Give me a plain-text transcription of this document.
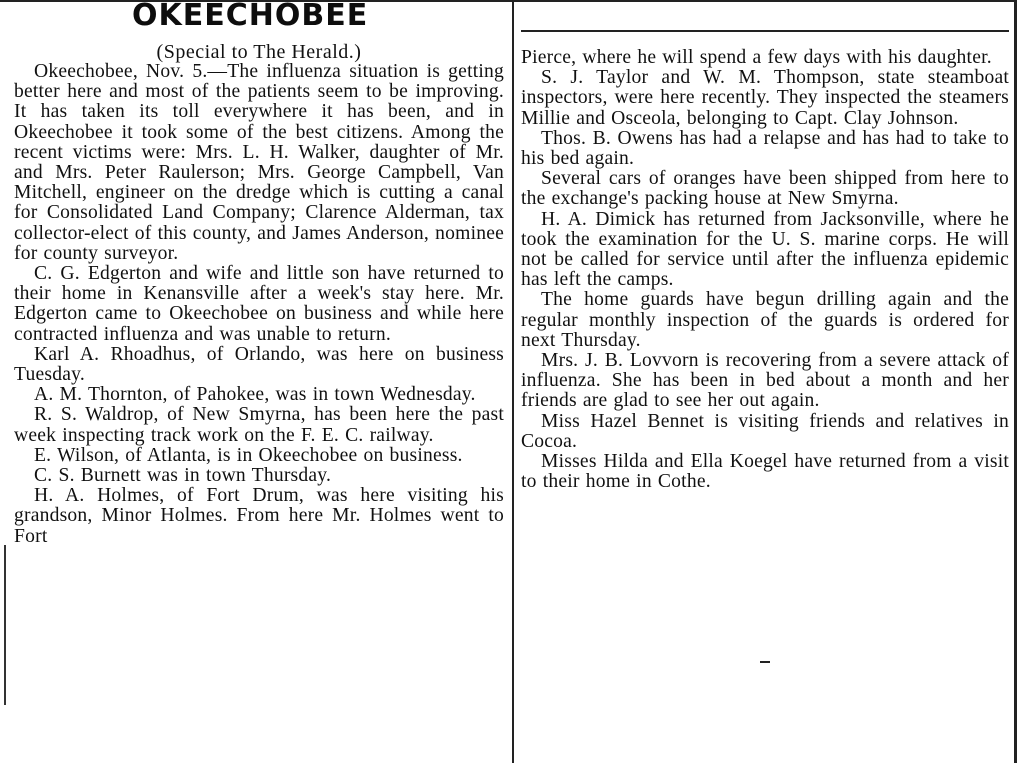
OKEECHOBEE
(Special to The Herald.)

Okeechobee, Nov. 5.—The influenza situation is getting better here and most of the patients seem to be improving. It has taken its toll everywhere it has been, and in Okeechobee it took some of the best citizens. Among the recent victims were: Mrs. L. H. Walker, daughter of Mr. and Mrs. Peter Raulerson; Mrs. George Campbell, Van Mitchell, engineer on the dredge which is cutting a canal for Consolidated Land Company; Clarence Alderman, tax collector-elect of this county, and James Anderson, nominee for county surveyor.

C. G. Edgerton and wife and little son have returned to their home in Kenansville after a week's stay here. Mr. Edgerton came to Okeechobee on business and while here contracted influenza and was unable to return.

Karl A. Rhoadhus, of Orlando, was here on business Tuesday.

A. M. Thornton, of Pahokee, was in town Wednesday.

R. S. Waldrop, of New Smyrna, has been here the past week inspecting track work on the F. E. C. railway.

E. Wilson, of Atlanta, is in Okeechobee on business.

C. S. Burnett was in town Thursday.

H. A. Holmes, of Fort Drum, was here visiting his grandson, Minor Holmes. From here Mr. Holmes went to Fort

Pierce, where he will spend a few days with his daughter.

S. J. Taylor and W. M. Thompson, state steamboat inspectors, were here recently. They inspected the steamers Millie and Osceola, belonging to Capt. Clay Johnson.

Thos. B. Owens has had a relapse and has had to take to his bed again.

Several cars of oranges have been shipped from here to the exchange's packing house at New Smyrna.

H. A. Dimick has returned from Jacksonville, where he took the examination for the U. S. marine corps. He will not be called for service until after the influenza epidemic has left the camps.

The home guards have begun drilling again and the regular monthly inspection of the guards is ordered for next Thursday.

Mrs. J. B. Lovvorn is recovering from a severe attack of influenza. She has been in bed about a month and her friends are glad to see her out again.

Miss Hazel Bennet is visiting friends and relatives in Cocoa.

Misses Hilda and Ella Koegel have returned from a visit to their home in Cothe.
